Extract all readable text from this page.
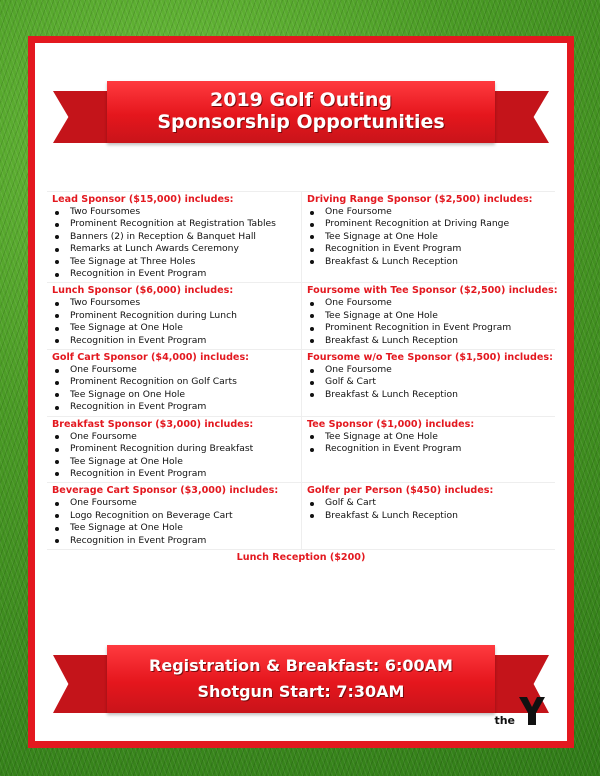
2019 Golf Outing
Sponsorship Opportunities
Lead Sponsor ($15,000) includes:
Two Foursomes
Prominent Recognition at Registration Tables
Banners (2) in Reception & Banquet Hall
Remarks at Lunch Awards Ceremony
Tee Signage at Three Holes
Recognition in Event Program
Driving Range Sponsor ($2,500) includes:
One Foursome
Prominent Recognition at Driving Range
Tee Signage at One Hole
Recognition in Event Program
Breakfast & Lunch Reception
Lunch Sponsor ($6,000) includes:
Two Foursomes
Prominent Recognition during Lunch
Tee Signage at One Hole
Recognition in Event Program
Foursome with Tee Sponsor ($2,500) includes:
One Foursome
Tee Signage at One Hole
Prominent Recognition in Event Program
Breakfast & Lunch Reception
Golf Cart Sponsor ($4,000) includes:
One Foursome
Prominent Recognition on Golf Carts
Tee Signage on One Hole
Recognition in Event Program
Foursome w/o Tee Sponsor ($1,500) includes:
One Foursome
Golf & Cart
Breakfast & Lunch Reception
Breakfast Sponsor ($3,000) includes:
One Foursome
Prominent Recognition during Breakfast
Tee Signage at One Hole
Recognition in Event Program
Tee Sponsor ($1,000) includes:
Tee Signage at One Hole
Recognition in Event Program
Beverage Cart Sponsor ($3,000) includes:
One Foursome
Logo Recognition on Beverage Cart
Tee Signage at One Hole
Recognition in Event Program
Golfer per Person ($450) includes:
Golf & Cart
Breakfast & Lunch Reception
Lunch Reception ($200)
Registration & Breakfast: 6:00AM
Shotgun Start: 7:30AM
the
